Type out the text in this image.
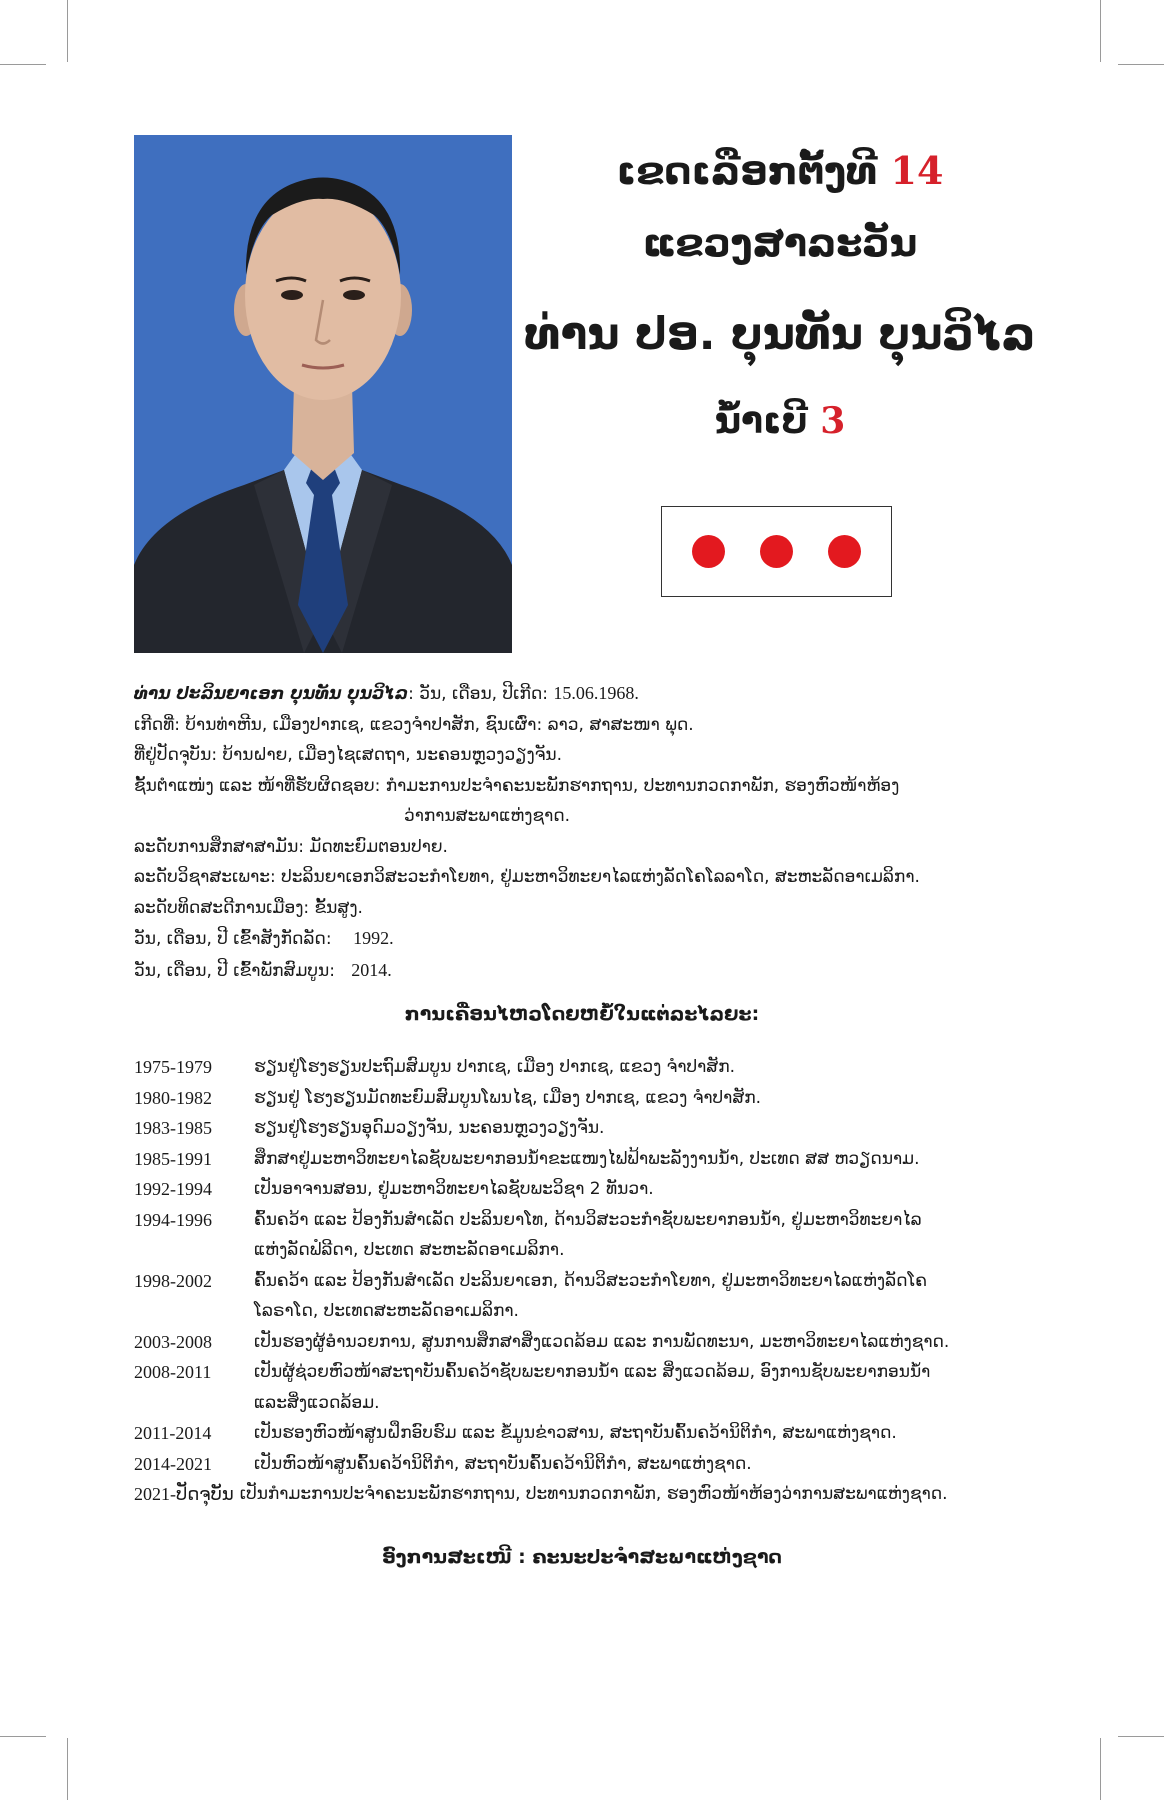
ເຂດເລືອກຕັ້ງທີ 14
ແຂວງສາລະວັນ
ທ່ານ ປອ. ບຸນທັນ ບຸນວິໄລ
ນໍ້າເບີ 3
ທ່ານ ປະລິນຍາເອກ ບຸນທັນ ບຸນວິໄລ: ວັນ, ເດືອນ, ປີເກີດ: 15.06.1968.
ເກີດທີ່: ບ້ານທ່າຫີນ, ເມືອງປາກເຊ, ແຂວງຈໍາປາສັກ, ຊົນເຜົ່າ: ລາວ, ສາສະໜາ ພຸດ.
ທີ່ຢູ່ປັດຈຸບັນ: ບ້ານຝາຍ, ເມືອງໄຊເສດຖາ, ນະຄອນຫຼວງວຽງຈັນ.
ຊັ້ນຕໍາແໜ່ງ ແລະ ໜ້າທີ່ຮັບຜິດຊອບ: ກໍາມະການປະຈໍາຄະນະພັກຮາກຖານ, ປະທານກວດກາພັກ, ຮອງຫົວໜ້າຫ້ອງ
ວ່າການສະພາແຫ່ງຊາດ.
ລະດັບການສຶກສາສາມັນ: ມັດທະຍົມຕອນປາຍ.
ລະດັບວິຊາສະເພາະ: ປະລິນຍາເອກວິສະວະກໍາໂຍທາ, ຢູ່ມະຫາວິທະຍາໄລແຫ່ງລັດໂຄໂລລາໂດ, ສະຫະລັດອາເມລິກາ.
ລະດັບທິດສະດີການເມືອງ: ຂັ້ນສູງ.
ວັນ, ເດືອນ, ປີ ເຂົ້າສັງກັດລັດ: 1992.
ວັນ, ເດືອນ, ປີ ເຂົ້າພັກສົມບູນ: 2014.
ການເຄື່ອນໄຫວໂດຍຫຍໍ້ໃນແຕ່ລະໄລຍະ:
1975-1979	ຮຽນຢູ່ໂຮງຮຽນປະຖົມສົມບູນ ປາກເຊ, ເມືອງ ປາກເຊ, ແຂວງ ຈໍາປາສັກ.
1980-1982	ຮຽນຢູ່ ໂຮງຮຽນມັດທະຍົມສົມບູນໂພນໄຊ, ເມືອງ ປາກເຊ, ແຂວງ ຈໍາປາສັກ.
1983-1985	ຮຽນຢູ່ໂຮງຮຽນອຸດົມວຽງຈັນ, ນະຄອນຫຼວງວຽງຈັນ.
1985-1991	ສຶກສາຢູ່ມະຫາວິທະຍາໄລຊັບພະຍາກອນນໍ້າຂະແໜງໄຟຟ້າພະລັງງານນໍ້າ, ປະເທດ ສສ ຫວຽດນາມ.
1992-1994	ເປັນອາຈານສອນ, ຢູ່ມະຫາວິທະຍາໄລຊັບພະວິຊາ 2 ທັນວາ.
1994-1996	ຄົ້ນຄວ້າ ແລະ ປ້ອງກັນສໍາເລັດ ປະລິນຍາໂທ, ດ້ານວິສະວະກໍາຊັບພະຍາກອນນໍ້າ, ຢູ່ມະຫາວິທະຍາໄລ
ແຫ່ງລັດຟໍລີດາ, ປະເທດ ສະຫະລັດອາເມລິກາ.
1998-2002	ຄົ້ນຄວ້າ ແລະ ປ້ອງກັນສໍາເລັດ ປະລິນຍາເອກ, ດ້ານວິສະວະກໍາໂຍທາ, ຢູ່ມະຫາວິທະຍາໄລແຫ່ງລັດໂຄ
ໂລຣາໂດ, ປະເທດສະຫະລັດອາເມລິກາ.
2003-2008	ເປັນຮອງຜູ້ອໍານວຍການ, ສູນການສຶກສາສິ່ງແວດລ້ອມ ແລະ ການພັດທະນາ, ມະຫາວິທະຍາໄລແຫ່ງຊາດ.
2008-2011	ເປັນຜູ້ຊ່ວຍຫົວໜ້າສະຖາບັນຄົ້ນຄວ້າຊັບພະຍາກອນນໍ້າ ແລະ ສິ່ງແວດລ້ອມ, ອົງການຊັບພະຍາກອນນໍ້າ
ແລະສິ່ງແວດລ້ອມ.
2011-2014	ເປັນຮອງຫົວໜ້າສູນຝຶກອົບຮົມ ແລະ ຂໍ້ມູນຂ່າວສານ, ສະຖາບັນຄົ້ນຄວ້ານິຕິກໍາ, ສະພາແຫ່ງຊາດ.
2014-2021	ເປັນຫົວໜ້າສູນຄົ້ນຄວ້ານິຕິກໍາ, ສະຖາບັນຄົ້ນຄວ້ານິຕິກໍາ, ສະພາແຫ່ງຊາດ.
2021-ປັດຈຸບັນ ເປັນກໍາມະການປະຈໍາຄະນະພັກຮາກຖານ, ປະທານກວດກາພັກ, ຮອງຫົວໜ້າຫ້ອງວ່າການສະພາແຫ່ງຊາດ.
ອົງການສະເໜີ : ຄະນະປະຈໍາສະພາແຫ່ງຊາດ
